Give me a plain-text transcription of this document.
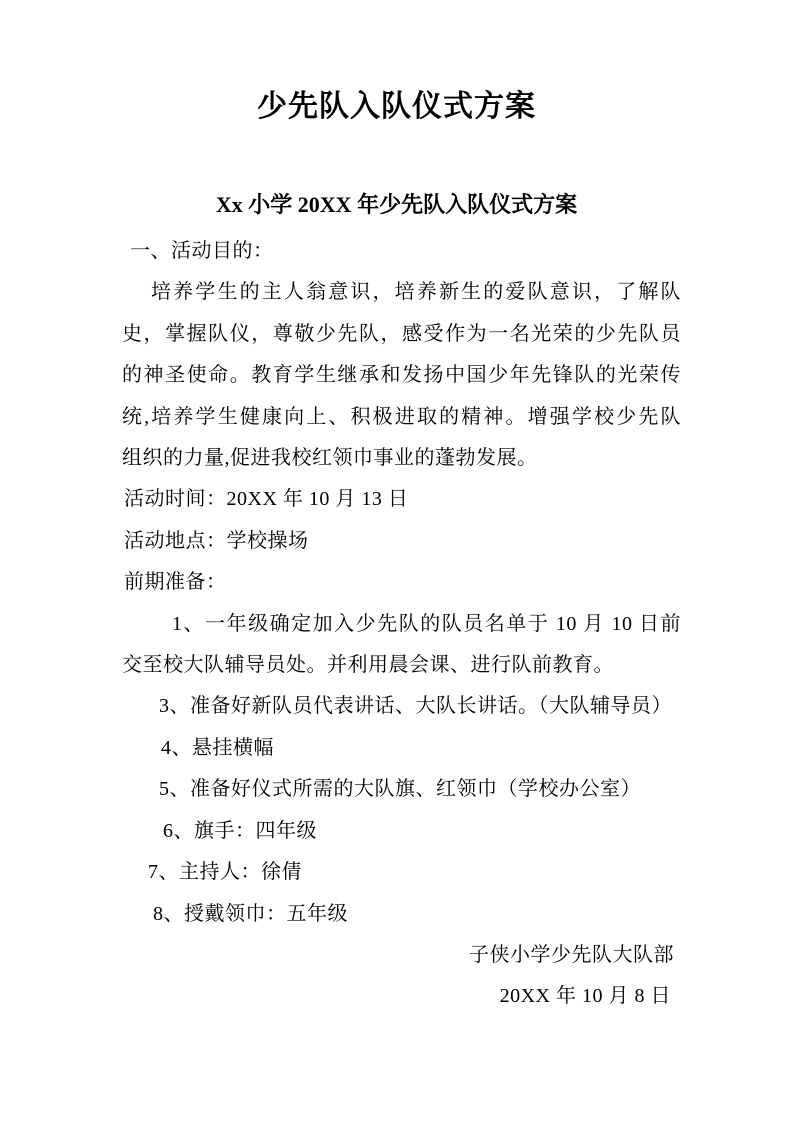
少先队入队仪式方案
Xx 小学 20XX 年少先队入队仪式方案
一、活动目的：
培养学生的主人翁意识，培养新生的爱队意识，了解队
史，掌握队仪，尊敬少先队，感受作为一名光荣的少先队员
的神圣使命。教育学生继承和发扬中国少年先锋队的光荣传
统,培养学生健康向上、积极进取的精神。增强学校少先队
组织的力量,促进我校红领巾事业的蓬勃发展。
活动时间：20XX 年 10 月 13 日
活动地点：学校操场
前期准备：
1、一年级确定加入少先队的队员名单于 10 月 10 日前
交至校大队辅导员处。并利用晨会课、进行队前教育。
3、准备好新队员代表讲话、大队长讲话。（大队辅导员）
4、悬挂横幅
5、准备好仪式所需的大队旗、红领巾（学校办公室）
6、旗手：四年级
7、主持人：徐倩
8、授戴领巾：五年级
子侠小学少先队大队部
20XX 年 10 月 8 日
